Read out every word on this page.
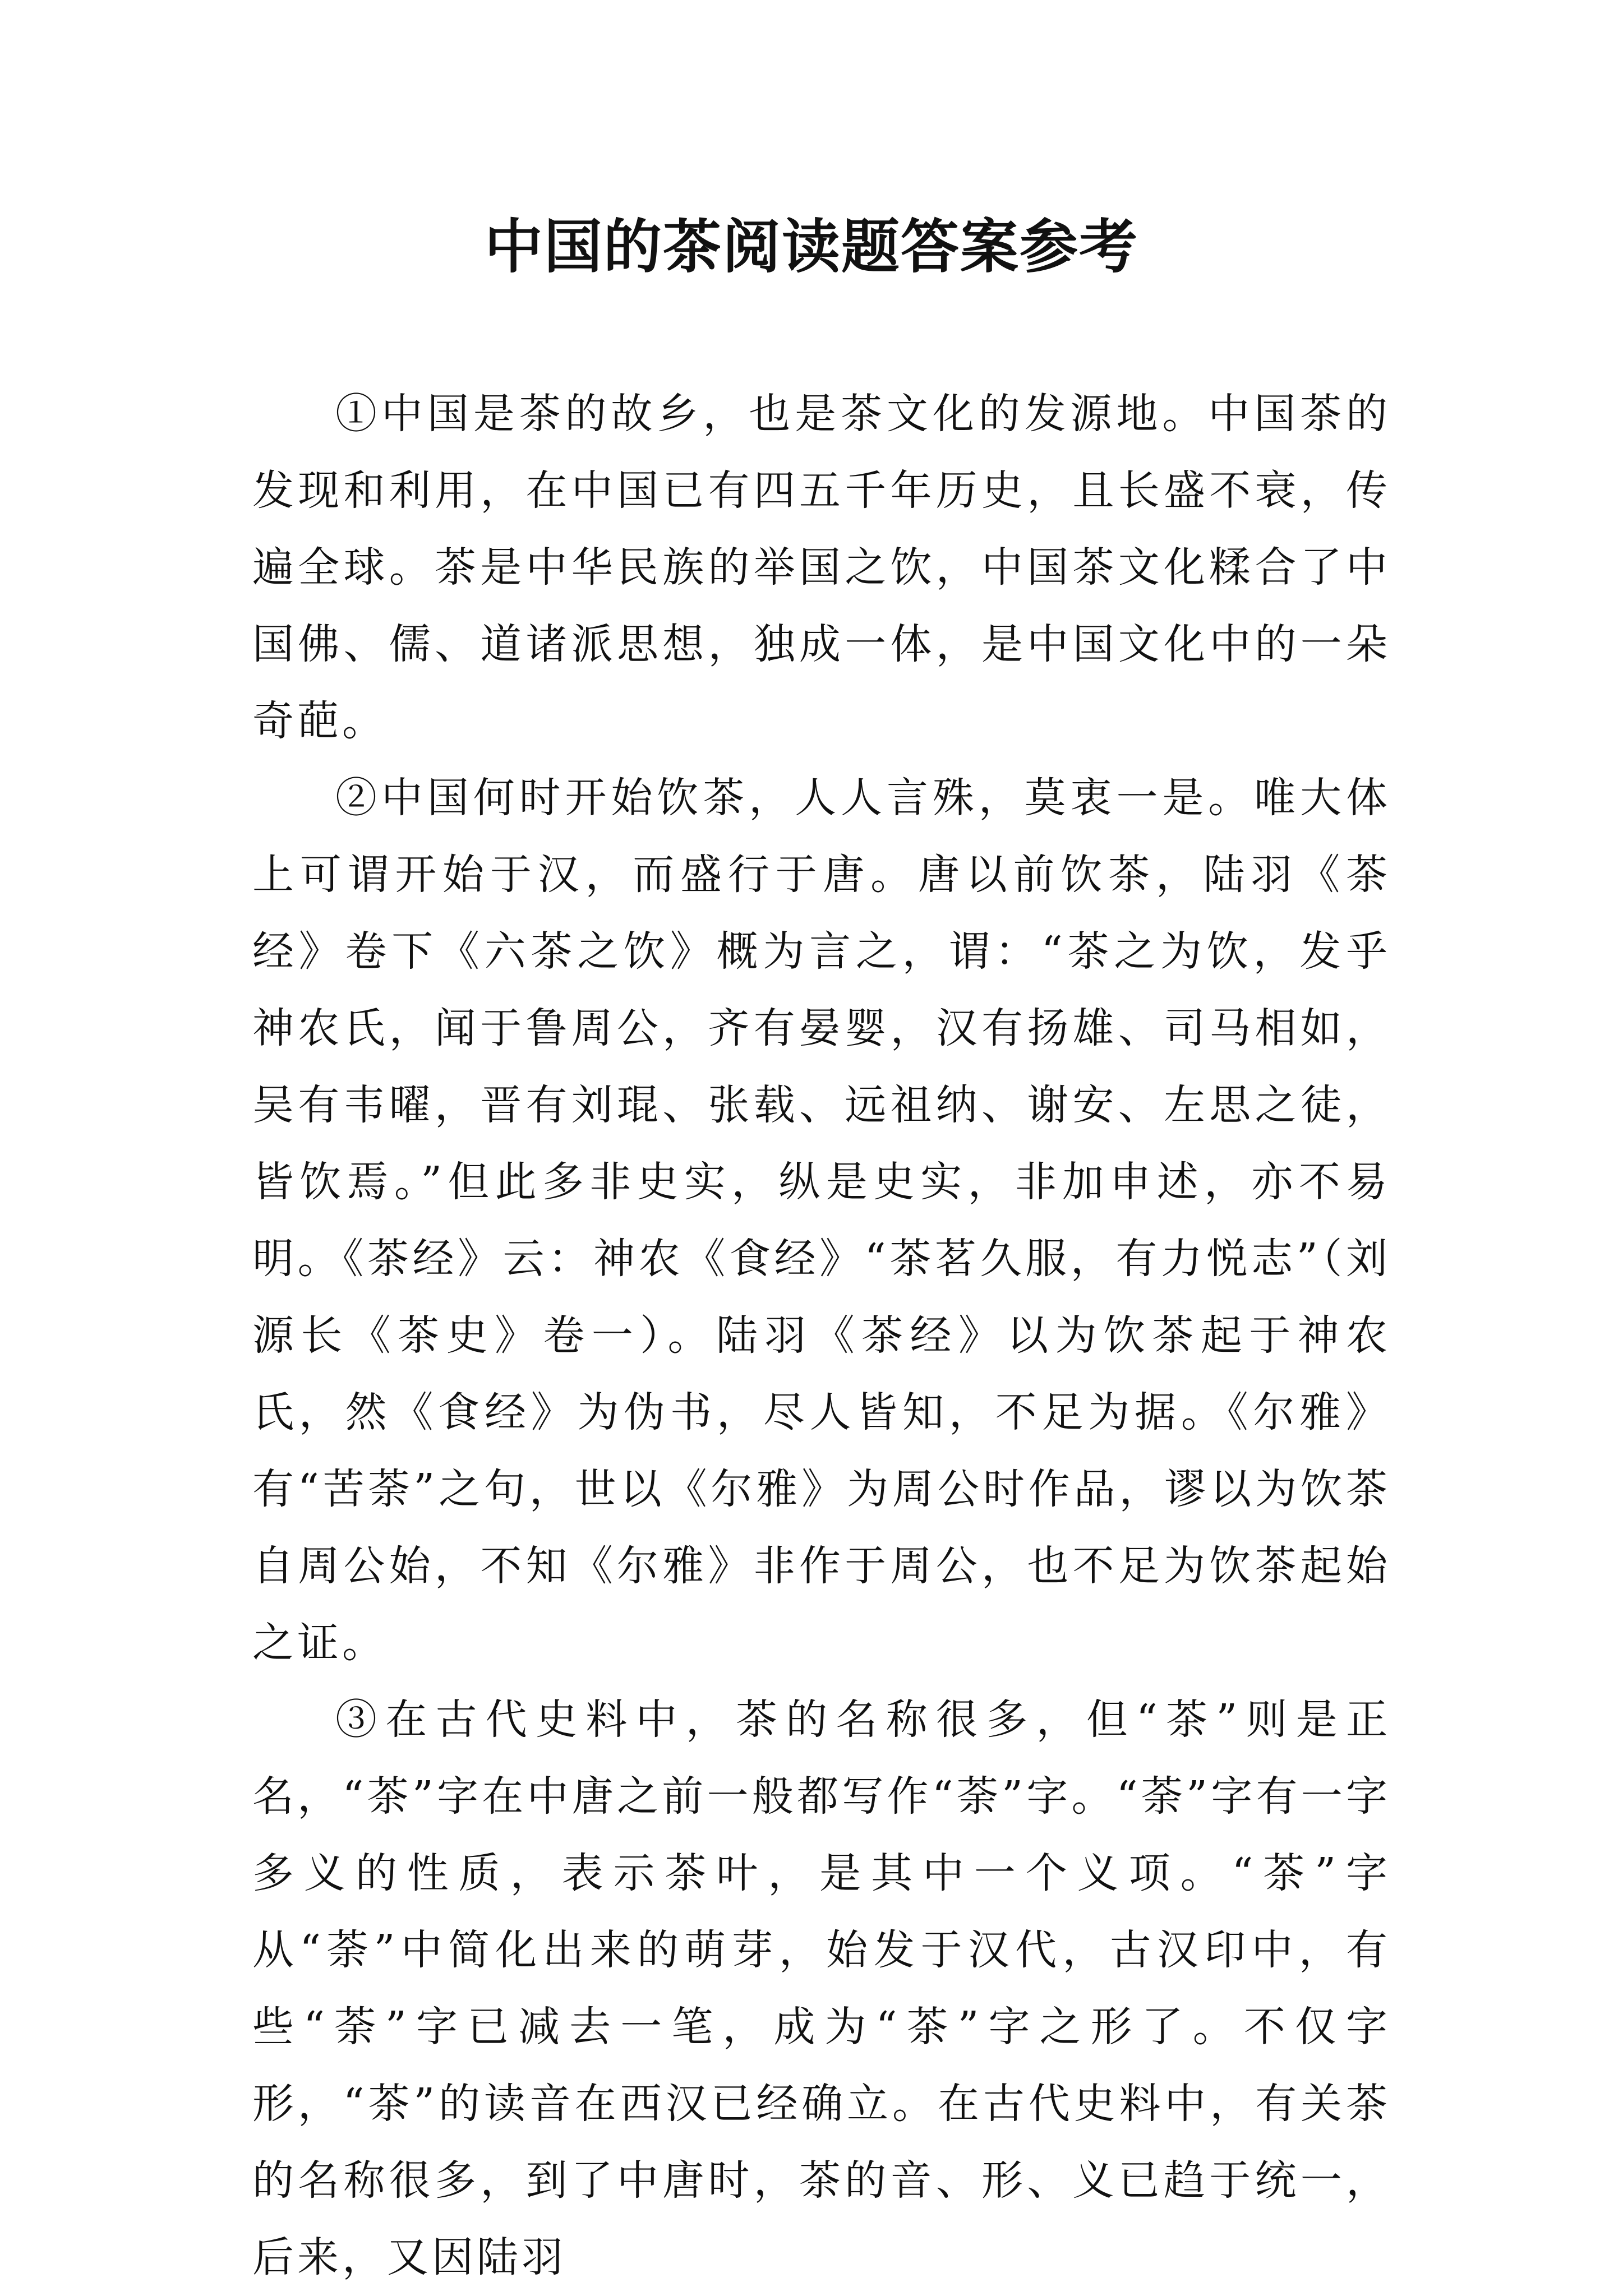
中国的茶阅读题答案参考

①中国是茶的故乡，也是茶文化的发源地。中国茶的发现和利用，在中国已有四五千年历史，且长盛不衰，传遍全球。茶是中华民族的举国之饮，中国茶文化糅合了中国佛、儒、道诸派思想，独成一体，是中国文化中的一朵奇葩。

②中国何时开始饮茶，人人言殊，莫衷一是。唯大体上可谓开始于汉，而盛行于唐。唐以前饮茶，陆羽《茶经》卷下《六茶之饮》概为言之，谓：“茶之为饮，发乎神农氏，闻于鲁周公，齐有晏婴，汉有扬雄、司马相如，吴有韦曜，晋有刘琨、张载、远祖纳、谢安、左思之徒，皆饮焉。”但此多非史实，纵是史实，非加申述，亦不易明。《茶经》云：神农《食经》“茶茗久服，有力悦志”（刘源长《茶史》卷一）。陆羽《茶经》以为饮茶起于神农氏，然《食经》为伪书，尽人皆知，不足为据。《尔雅》有“苦荼”之句，世以《尔雅》为周公时作品，谬以为饮茶自周公始，不知《尔雅》非作于周公，也不足为饮茶起始之证。

③在古代史料中，茶的名称很多，但“茶”则是正名，“茶”字在中唐之前一般都写作“荼”字。“荼”字有一字多义的性质，表示茶叶，是其中一个义项。“茶”字从“荼”中简化出来的萌芽，始发于汉代，古汉印中，有些“荼”字已减去一笔，成为“茶”字之形了。不仅字形，“茶”的读音在西汉已经确立。在古代史料中，有关茶的名称很多，到了中唐时，茶的音、形、义已趋于统一，后来，又因陆羽
